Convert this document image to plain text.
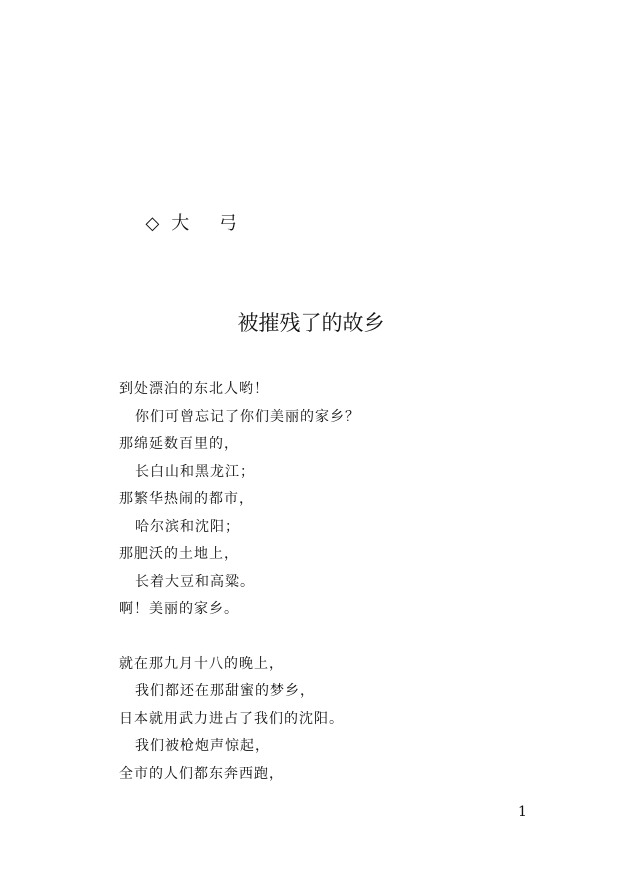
◇ 大　 弓

被摧残了的故乡
到处漂泊的东北人哟！
你们可曾忘记了你们美丽的家乡？
那绵延数百里的，
长白山和黑龙江；
那繁华热闹的都市，
哈尔滨和沈阳；
那肥沃的土地上，
长着大豆和高粱。
啊！美丽的家乡。
就在那九月十八的晚上，
我们都还在那甜蜜的梦乡，
日本就用武力进占了我们的沈阳。
我们被枪炮声惊起，
全市的人们都东奔西跑，
1
